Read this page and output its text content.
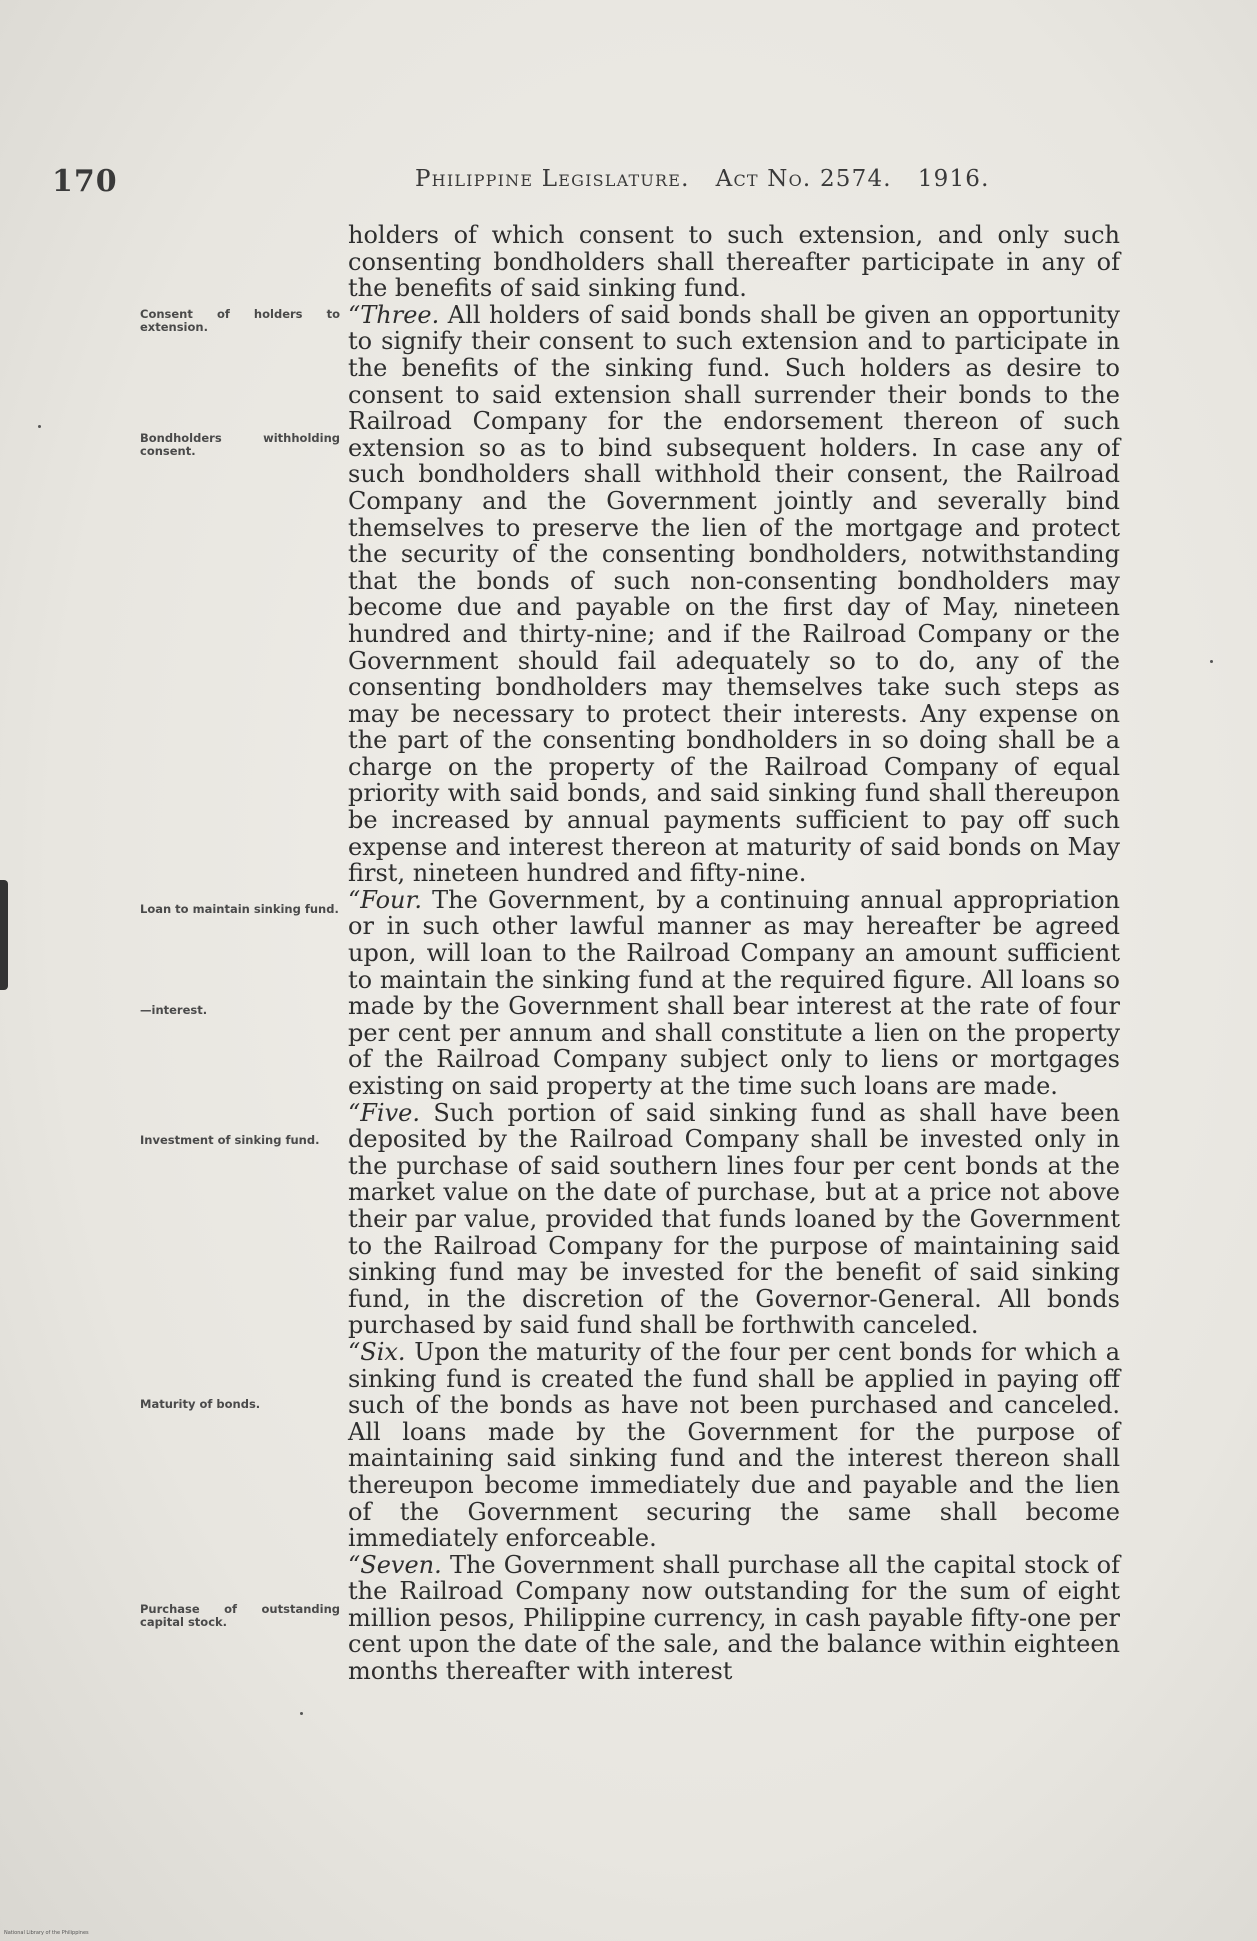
170	Philippine Legislature. Act No. 2574. 1916.
Consent of holders to extension.
Bondholders withholding consent.
Loan to maintain sinking fund.
—interest.
Investment of sinking fund.
Maturity of bonds.
Purchase of outstanding capital stock.

holders of which consent to such extension, and only such consenting bondholders shall thereafter participate in any of the benefits of said sinking fund.

“Three. All holders of said bonds shall be given an opportunity to signify their consent to such extension and to participate in the benefits of the sinking fund. Such holders as desire to consent to said extension shall surrender their bonds to the Railroad Company for the endorsement thereon of such extension so as to bind subsequent holders. In case any of such bondholders shall withhold their consent, the Railroad Company and the Government jointly and severally bind themselves to preserve the lien of the mortgage and protect the security of the consenting bondholders, notwithstanding that the bonds of such non-consenting bondholders may become due and payable on the first day of May, nineteen hundred and thirty-nine; and if the Railroad Company or the Government should fail adequately so to do, any of the consenting bondholders may themselves take such steps as may be necessary to protect their interests. Any expense on the part of the consenting bondholders in so doing shall be a charge on the property of the Railroad Company of equal priority with said bonds, and said sinking fund shall thereupon be increased by annual payments sufficient to pay off such expense and interest thereon at maturity of said bonds on May first, nineteen hundred and fifty-nine.

“Four. The Government, by a continuing annual appropriation or in such other lawful manner as may hereafter be agreed upon, will loan to the Railroad Company an amount sufficient to maintain the sinking fund at the required figure. All loans so made by the Government shall bear interest at the rate of four per cent per annum and shall constitute a lien on the property of the Railroad Company subject only to liens or mortgages existing on said property at the time such loans are made.

“Five. Such portion of said sinking fund as shall have been deposited by the Railroad Company shall be invested only in the purchase of said southern lines four per cent bonds at the market value on the date of purchase, but at a price not above their par value, provided that funds loaned by the Government to the Railroad Company for the purpose of maintaining said sinking fund may be invested for the benefit of said sinking fund, in the discretion of the Governor-General. All bonds purchased by said fund shall be forthwith canceled.

“Six. Upon the maturity of the four per cent bonds for which a sinking fund is created the fund shall be applied in paying off such of the bonds as have not been purchased and canceled. All loans made by the Government for the purpose of maintaining said sinking fund and the interest thereon shall thereupon become immediately due and payable and the lien of the Government securing the same shall become immediately enforceable.

“Seven. The Government shall purchase all the capital stock of the Railroad Company now outstanding for the sum of eight million pesos, Philippine currency, in cash payable fifty-one per cent upon the date of the sale, and the balance within eighteen months thereafter with interest

National Library of the Philippines
